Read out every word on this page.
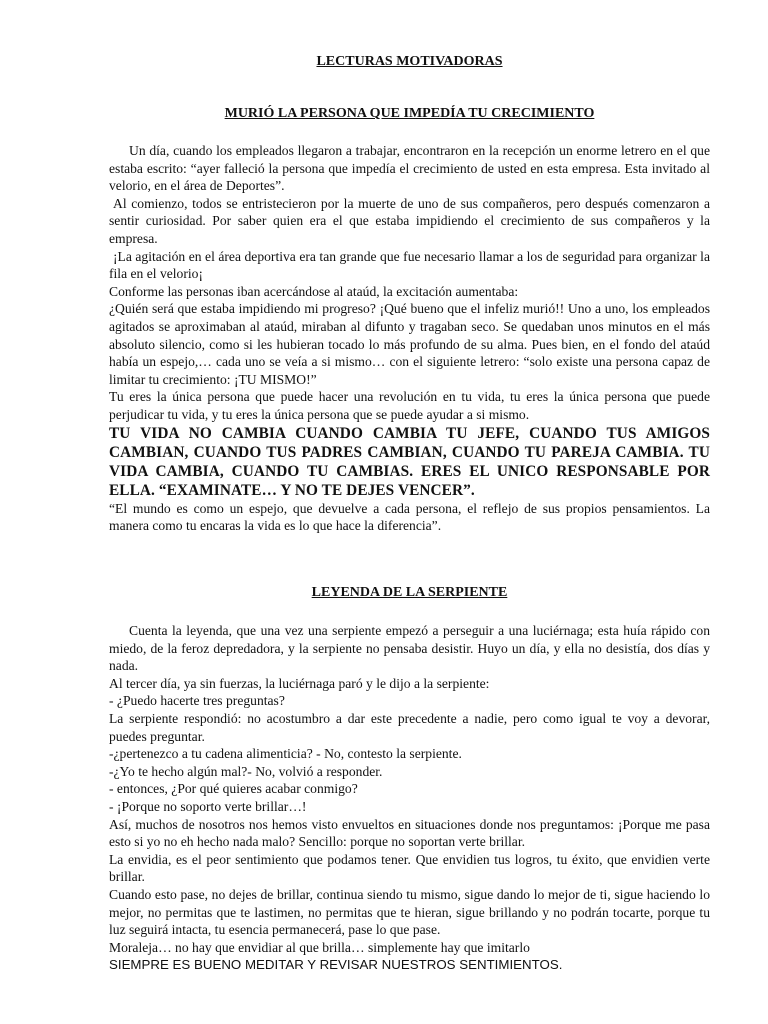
LECTURAS MOTIVADORAS
MURIÓ LA PERSONA QUE IMPEDÍA TU CRECIMIENTO

Un día, cuando los empleados llegaron a trabajar, encontraron en la recepción un enorme letrero en el que estaba escrito: “ayer falleció la persona que impedía el crecimiento de usted en esta empresa. Esta invitado al velorio, en el área de Deportes”.

Al comienzo, todos se entristecieron por la muerte de uno de sus compañeros, pero después comenzaron a sentir curiosidad. Por saber quien era el que estaba impidiendo el crecimiento de sus compañeros y la empresa.

¡La agitación en el área deportiva era tan grande que fue necesario llamar a los de seguridad para organizar la fila en el velorio¡

Conforme las personas iban acercándose al ataúd, la excitación aumentaba:

¿Quién será que estaba impidiendo mi progreso? ¡Qué bueno que el infeliz murió!! Uno a uno, los empleados agitados se aproximaban al ataúd, miraban al difunto y tragaban seco. Se quedaban unos minutos en el más absoluto silencio, como si les hubieran tocado lo más profundo de su alma. Pues bien, en el fondo del ataúd había un espejo,… cada uno se veía a si mismo… con el siguiente letrero: “solo existe una persona capaz de limitar tu crecimiento: ¡TU MISMO!”

Tu eres la única persona que puede hacer una revolución en tu vida, tu eres la única persona que puede perjudicar tu vida, y tu eres la única persona que se puede ayudar a si mismo.

TU VIDA NO CAMBIA CUANDO CAMBIA TU JEFE, CUANDO TUS AMIGOS CAMBIAN, CUANDO TUS PADRES CAMBIAN, CUANDO TU PAREJA CAMBIA. TU VIDA CAMBIA, CUANDO TU CAMBIAS. ERES EL UNICO RESPONSABLE POR ELLA. “EXAMINATE… Y NO TE DEJES VENCER”.

“El mundo es como un espejo, que devuelve a cada persona, el reflejo de sus propios pensamientos. La manera como tu encaras la vida es lo que hace la diferencia”.

LEYENDA DE LA SERPIENTE

Cuenta la leyenda, que una vez una serpiente empezó a perseguir a una luciérnaga; esta huía rápido con miedo, de la feroz depredadora, y la serpiente no pensaba desistir. Huyo un día, y ella no desistía, dos días y nada.

Al tercer día, ya sin fuerzas, la luciérnaga paró y le dijo a la serpiente:

- ¿Puedo hacerte tres preguntas?

La serpiente respondió: no acostumbro a dar este precedente a nadie, pero como igual te voy a devorar, puedes preguntar.

-¿pertenezco a tu cadena alimenticia? - No, contesto la serpiente.

-¿Yo te hecho algún mal?- No, volvió a responder.

- entonces, ¿Por qué quieres acabar conmigo?

- ¡Porque no soporto verte brillar…!

Así, muchos de nosotros nos hemos visto envueltos en situaciones donde nos preguntamos: ¡Porque me pasa esto si yo no eh hecho nada malo? Sencillo: porque no soportan verte brillar.

La envidia, es el peor sentimiento que podamos tener. Que envidien tus logros, tu éxito, que envidien verte brillar.

Cuando esto pase, no dejes de brillar, continua siendo tu mismo, sigue dando lo mejor de ti, sigue haciendo lo mejor, no permitas que te lastimen, no permitas que te hieran, sigue brillando y no podrán tocarte, porque tu luz seguirá intacta, tu esencia permanecerá, pase lo que pase.

Moraleja… no hay que envidiar al que brilla… simplemente hay que imitarlo

SIEMPRE ES BUENO MEDITAR Y REVISAR NUESTROS SENTIMIENTOS.
